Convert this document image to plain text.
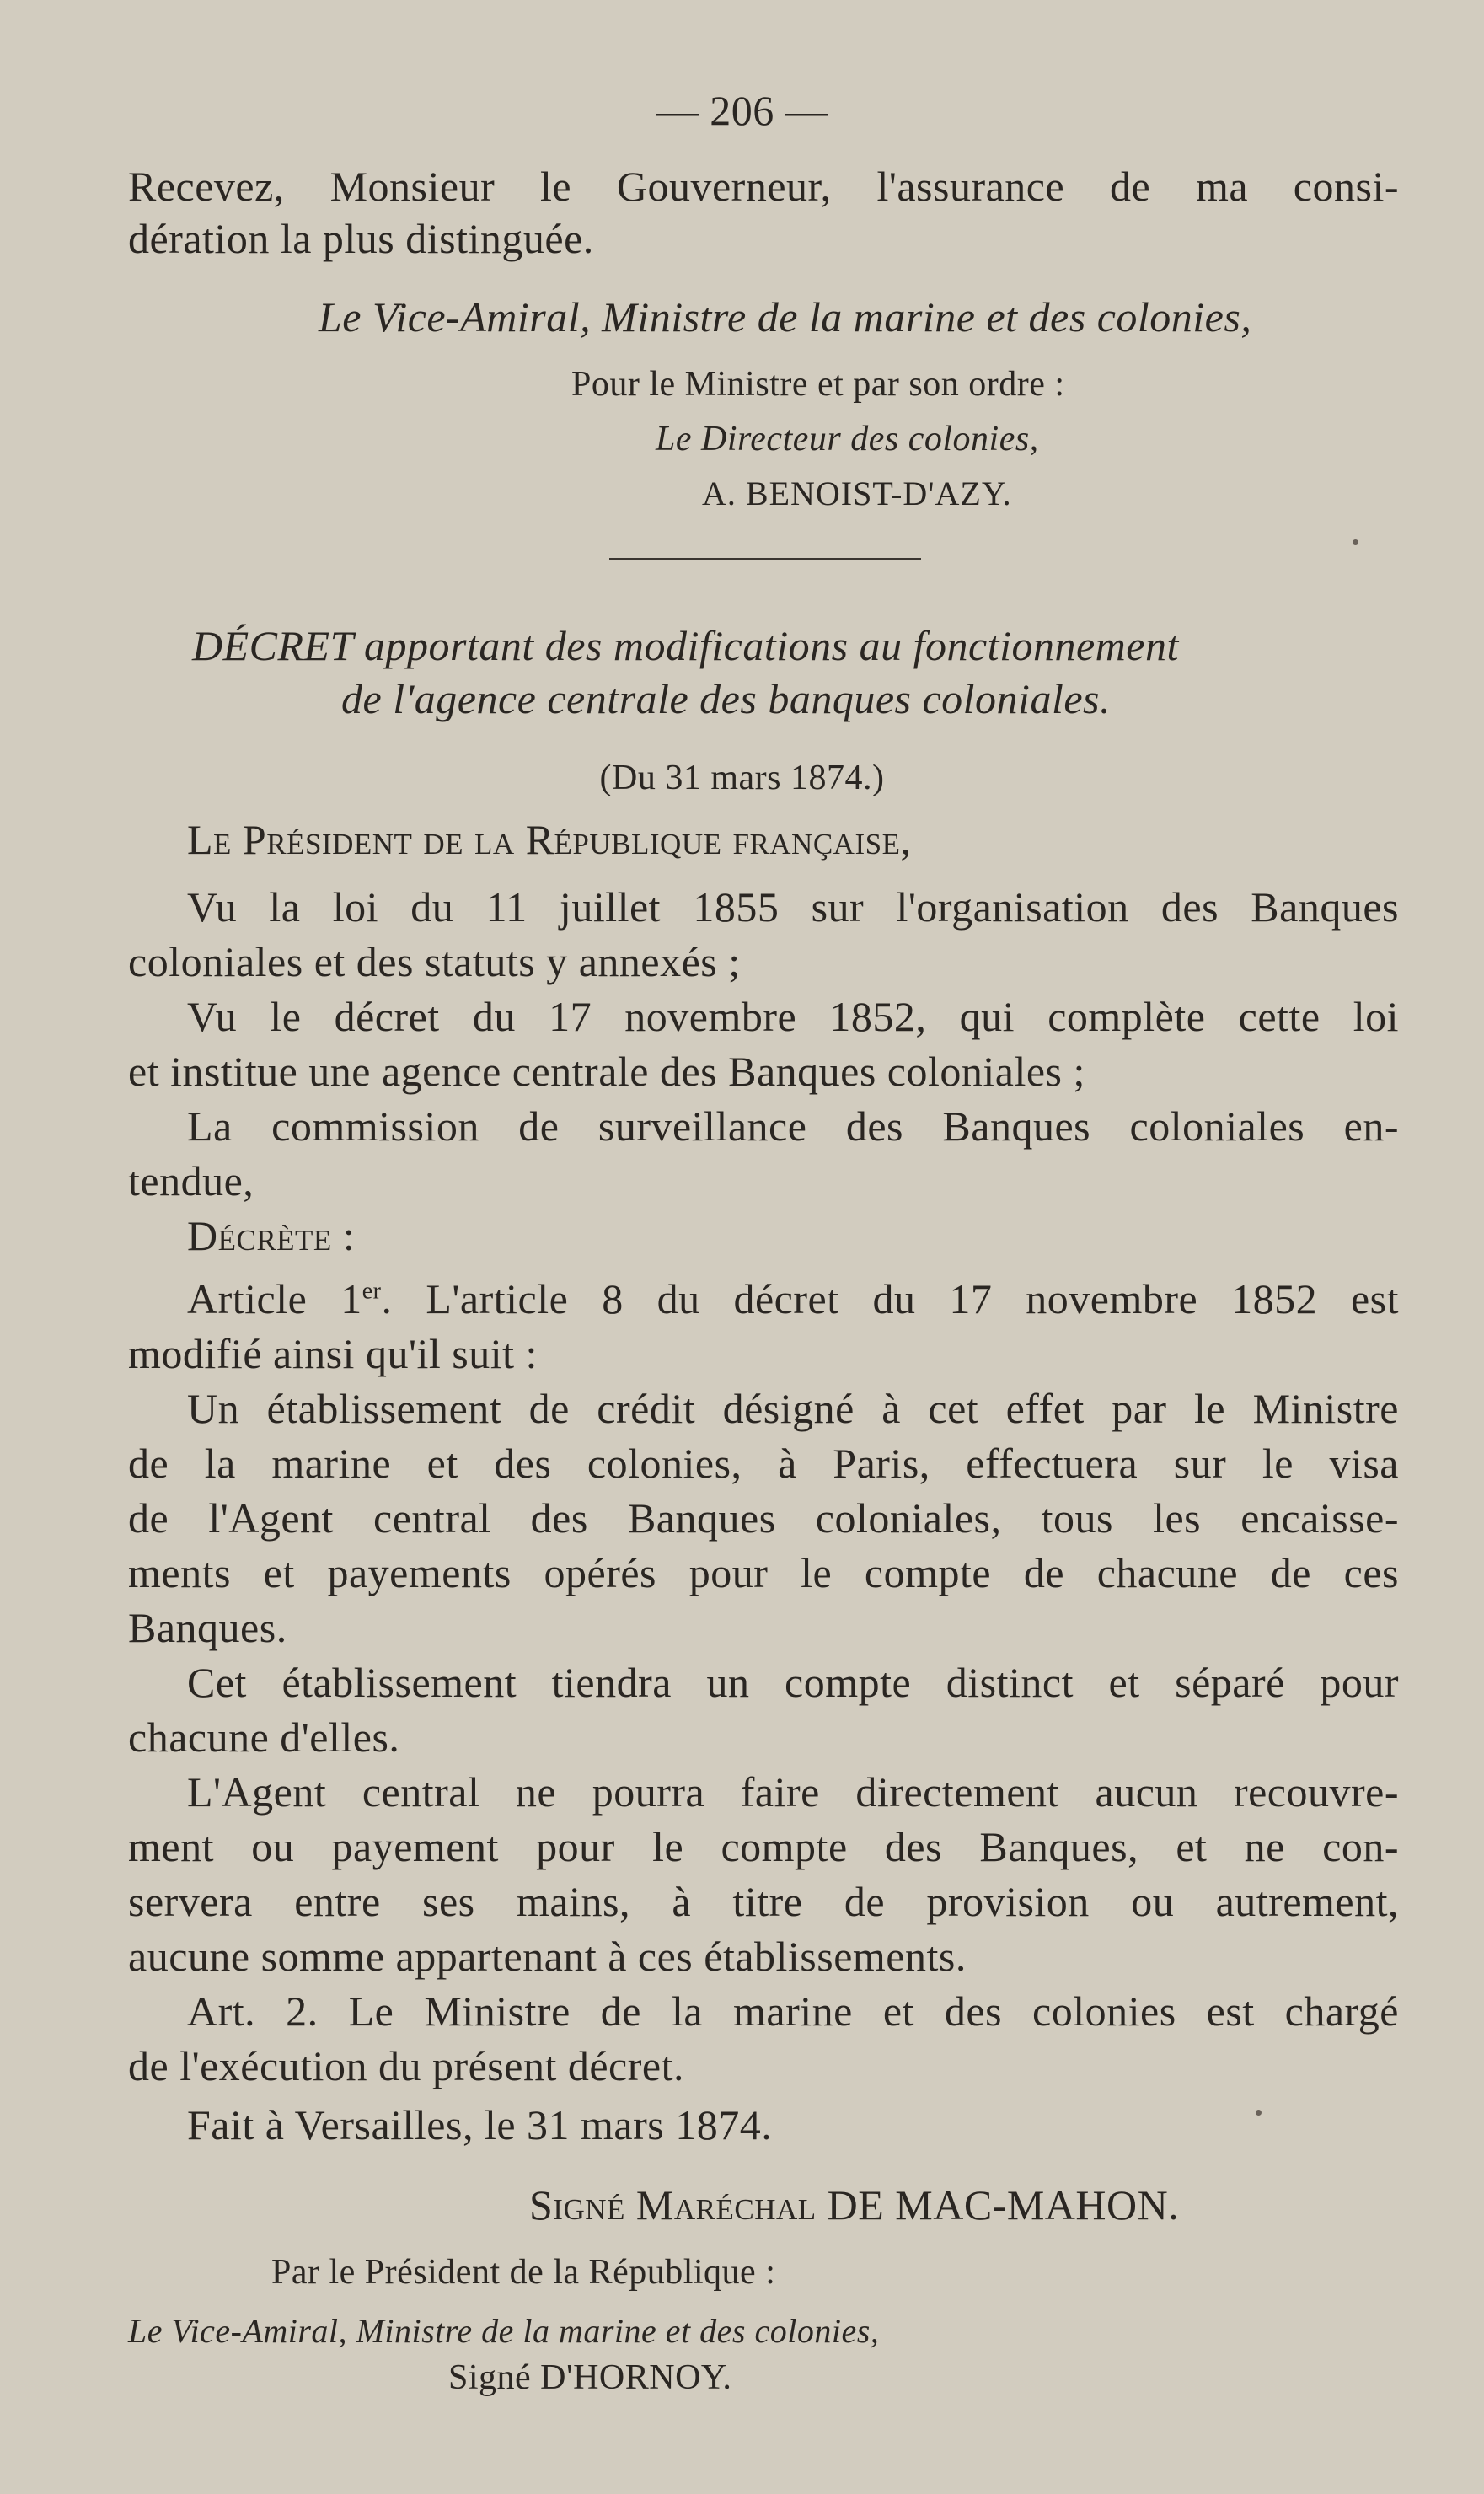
— 206 —

Recevez, Monsieur le Gouverneur, l'assurance de ma consi-

dération la plus distinguée.

Le Vice-Amiral, Ministre de la marine et des colonies,

Pour le Ministre et par son ordre :

Le Directeur des colonies,

A. BENOIST-D'AZY.

DÉCRET apportant des modifications au fonctionnement

de l'agence centrale des banques coloniales.

(Du 31 mars 1874.)

Le Président de la République française,

Vu la loi du 11 juillet 1855 sur l'organisation des Banques

coloniales et des statuts y annexés ;

Vu le décret du 17 novembre 1852, qui complète cette loi

et institue une agence centrale des Banques coloniales ;

La commission de surveillance des Banques coloniales en-

tendue,

Décrète :

Article 1er. L'article 8 du décret du 17 novembre 1852 est

modifié ainsi qu'il suit :

Un établissement de crédit désigné à cet effet par le Ministre

de la marine et des colonies, à Paris, effectuera sur le visa

de l'Agent central des Banques coloniales, tous les encaisse-

ments et payements opérés pour le compte de chacune de ces

Banques.

Cet établissement tiendra un compte distinct et séparé pour

chacune d'elles.

L'Agent central ne pourra faire directement aucun recouvre-

ment ou payement pour le compte des Banques, et ne con-

servera entre ses mains, à titre de provision ou autrement,

aucune somme appartenant à ces établissements.

Art. 2. Le Ministre de la marine et des colonies est chargé

de l'exécution du présent décret.

Fait à Versailles, le 31 mars 1874.

Signé Maréchal DE MAC-MAHON.

Par le Président de la République :

Le Vice-Amiral, Ministre de la marine et des colonies,

Signé D'HORNOY.
